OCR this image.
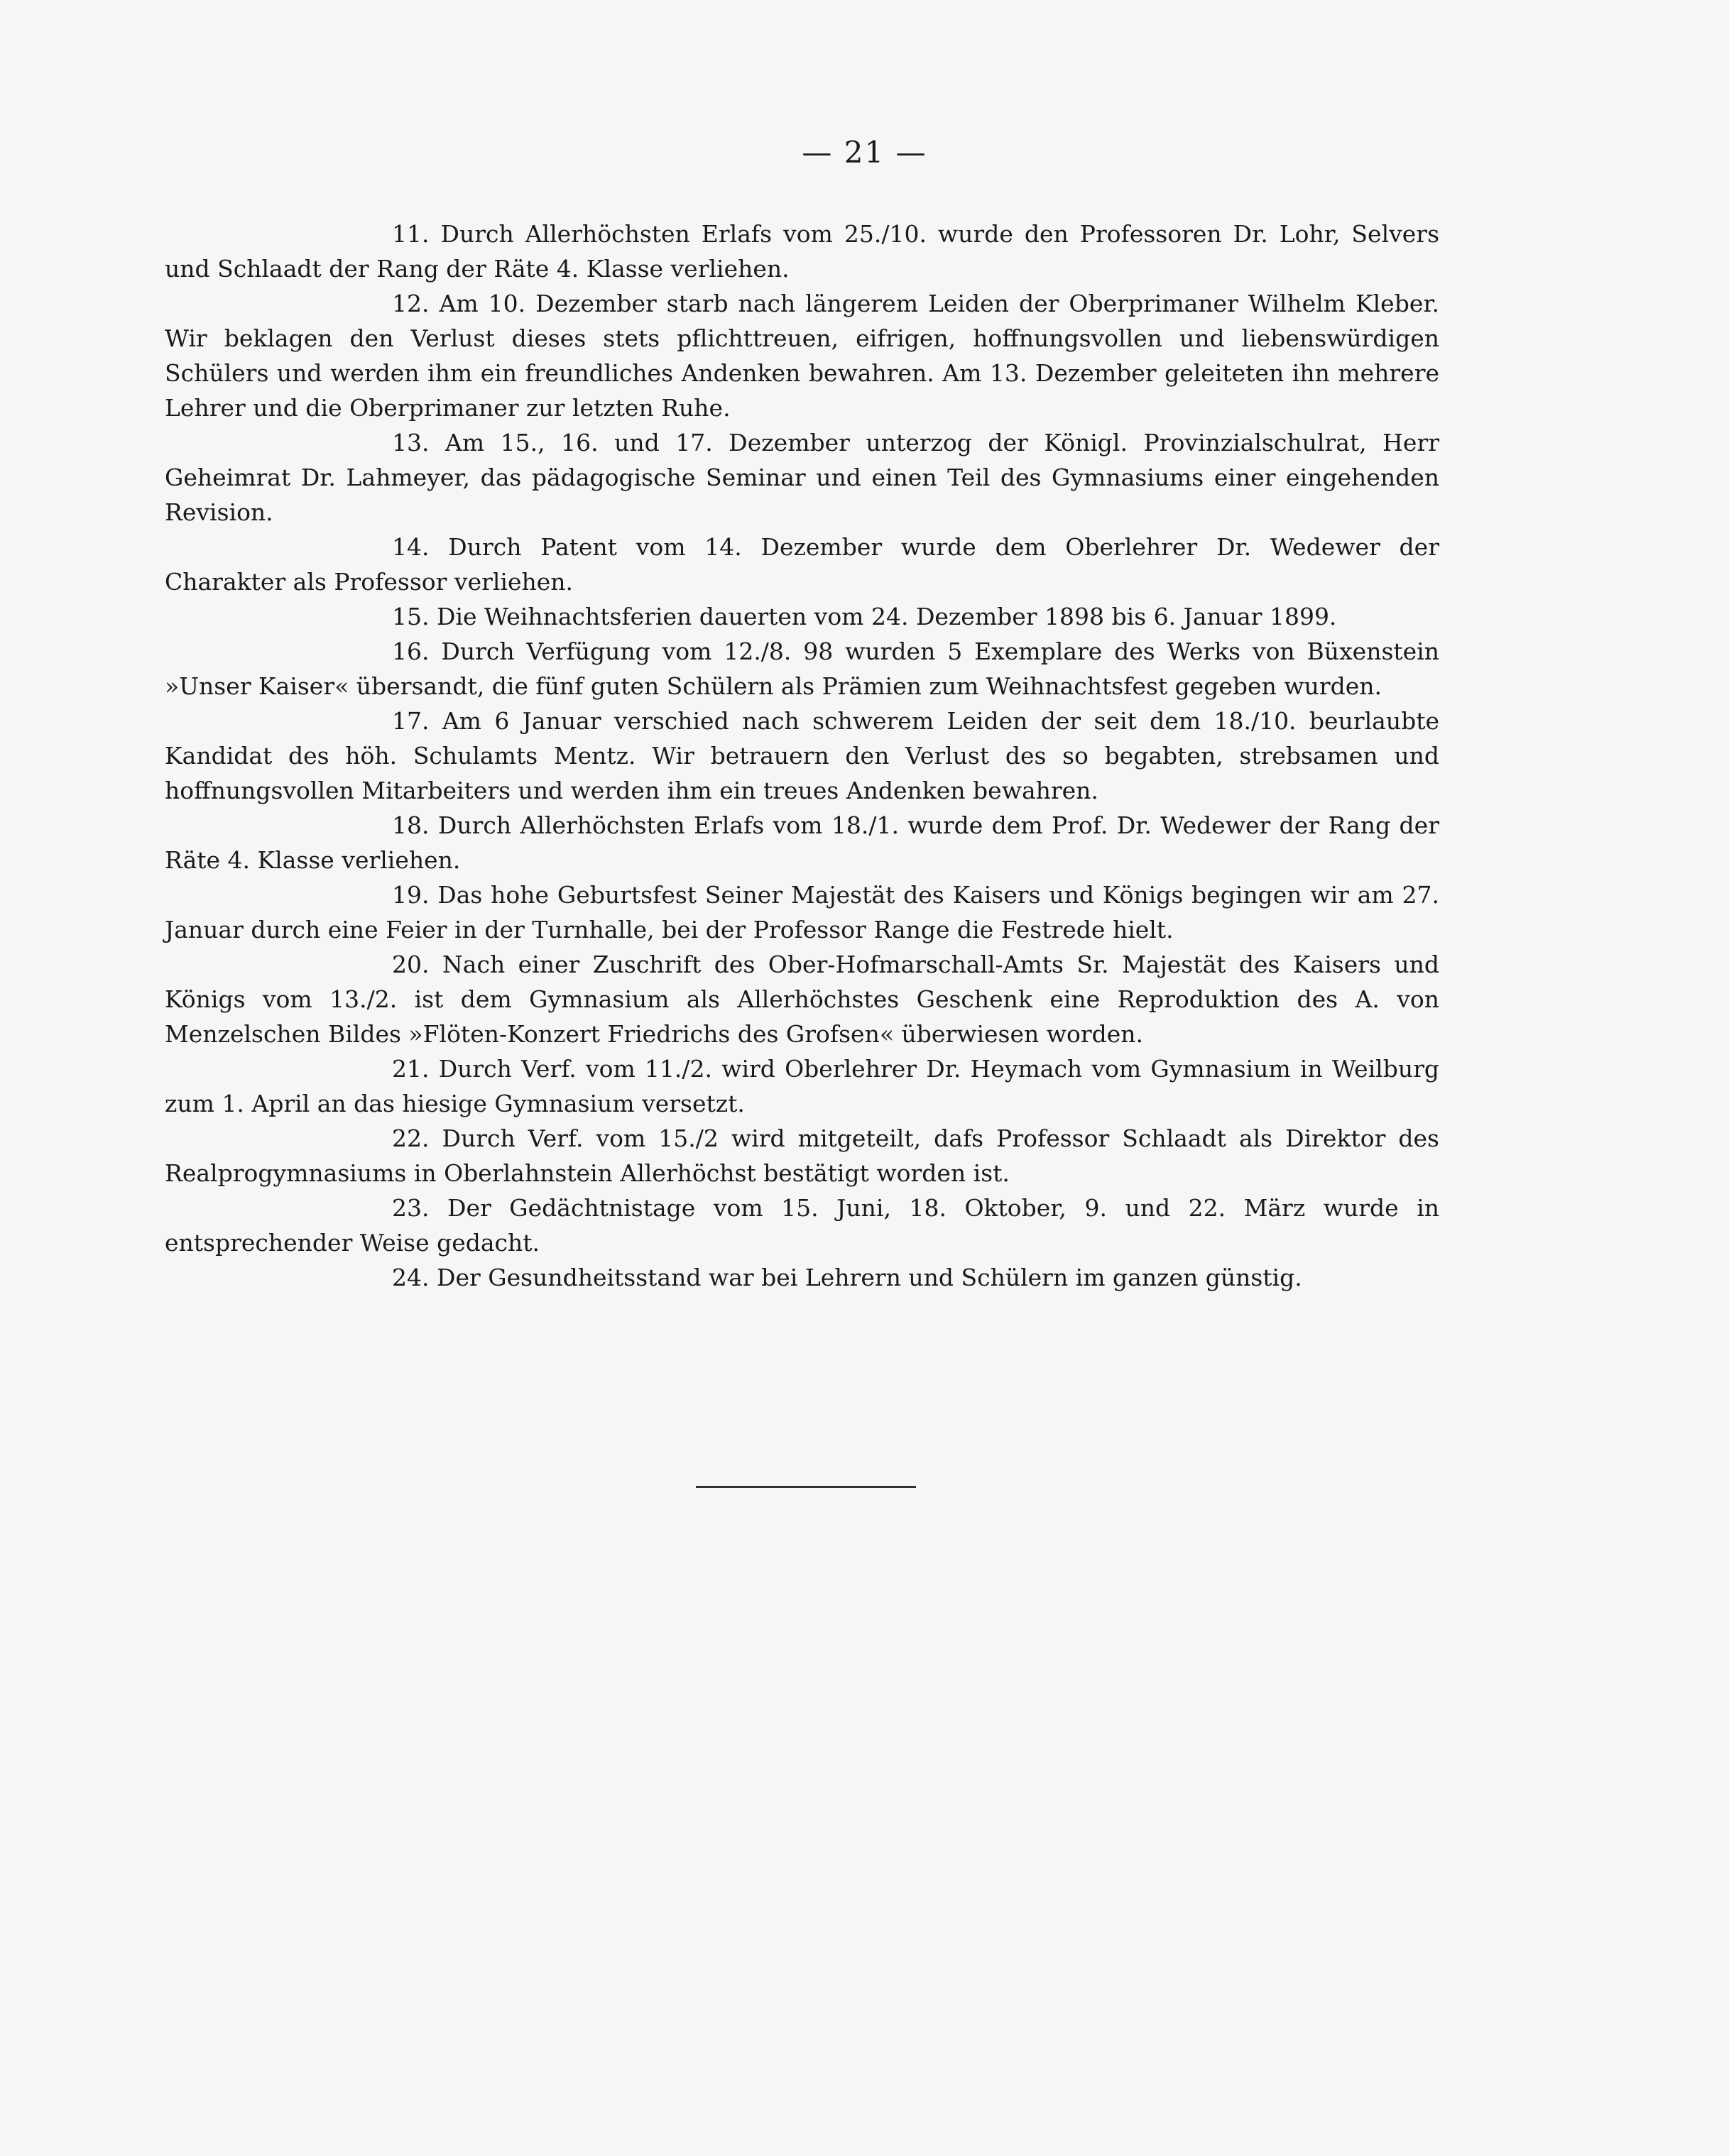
— 21 —

11. Durch Allerhöchsten Erlafs vom 25./10. wurde den Professoren Dr. Lohr, Selvers und Schlaadt der Rang der Räte 4. Klasse verliehen.

12. Am 10. Dezember starb nach längerem Leiden der Oberprimaner Wilhelm Kleber. Wir beklagen den Verlust dieses stets pflichttreuen, eifrigen, hoffnungsvollen und liebenswürdigen Schülers und werden ihm ein freundliches Andenken bewahren. Am 13. Dezember geleiteten ihn mehrere Lehrer und die Oberprimaner zur letzten Ruhe.

13. Am 15., 16. und 17. Dezember unterzog der Königl. Provinzialschulrat, Herr Geheimrat Dr. Lahmeyer, das pädagogische Seminar und einen Teil des Gymnasiums einer eingehenden Revision.

14. Durch Patent vom 14. Dezember wurde dem Oberlehrer Dr. Wedewer der Charakter als Professor verliehen.

15. Die Weihnachtsferien dauerten vom 24. Dezember 1898 bis 6. Januar 1899.

16. Durch Verfügung vom 12./8. 98 wurden 5 Exemplare des Werks von Büxenstein »Unser Kaiser« übersandt, die fünf guten Schülern als Prämien zum Weihnachtsfest gegeben wurden.

17. Am 6 Januar verschied nach schwerem Leiden der seit dem 18./10. beurlaubte Kandidat des höh. Schulamts Mentz. Wir betrauern den Verlust des so begabten, strebsamen und hoffnungsvollen Mitarbeiters und werden ihm ein treues Andenken bewahren.

18. Durch Allerhöchsten Erlafs vom 18./1. wurde dem Prof. Dr. Wedewer der Rang der Räte 4. Klasse verliehen.

19. Das hohe Geburtsfest Seiner Majestät des Kaisers und Königs begingen wir am 27. Januar durch eine Feier in der Turnhalle, bei der Professor Range die Festrede hielt.

20. Nach einer Zuschrift des Ober-Hofmarschall-Amts Sr. Majestät des Kaisers und Königs vom 13./2. ist dem Gymnasium als Allerhöchstes Geschenk eine Reproduktion des A. von Menzelschen Bildes »Flöten-Konzert Friedrichs des Grofsen« überwiesen worden.

21. Durch Verf. vom 11./2. wird Oberlehrer Dr. Heymach vom Gymnasium in Weilburg zum 1. April an das hiesige Gymnasium versetzt.

22. Durch Verf. vom 15./2 wird mitgeteilt, dafs Professor Schlaadt als Direktor des Realprogymnasiums in Oberlahnstein Allerhöchst bestätigt worden ist.

23. Der Gedächtnistage vom 15. Juni, 18. Oktober, 9. und 22. März wurde in entsprechender Weise gedacht.

24. Der Gesundheitsstand war bei Lehrern und Schülern im ganzen günstig.
